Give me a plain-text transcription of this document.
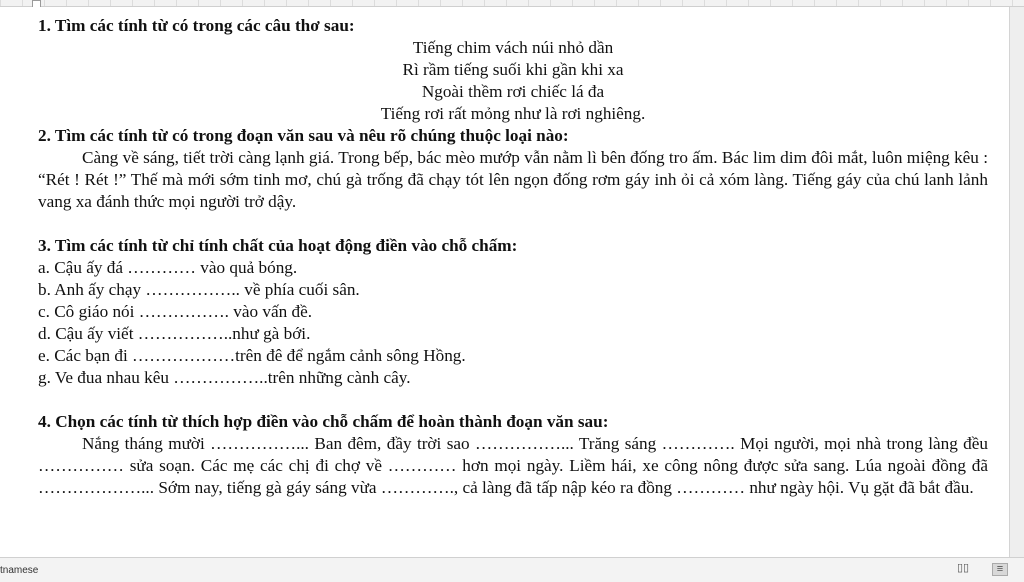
1. Tìm các tính từ có trong các câu thơ sau:

Tiếng chim vách núi nhỏ dần

Rì rầm tiếng suối khi gần khi xa

Ngoài thềm rơi chiếc lá đa

Tiếng rơi rất mỏng như là rơi nghiêng.

2. Tìm các tính từ có trong đoạn văn sau và nêu rõ chúng thuộc loại nào:

Càng về sáng, tiết trời càng lạnh giá. Trong bếp, bác mèo mướp vẫn nằm lì bên đống tro ấm. Bác lim dim đôi mắt, luôn miệng kêu : “Rét ! Rét !” Thế mà mới sớm tinh mơ, chú gà trống đã chạy tót lên ngọn đống rơm gáy inh ỏi cả xóm làng. Tiếng gáy của chú lanh lảnh vang xa đánh thức mọi người trở dậy.

3. Tìm các tính từ chỉ tính chất của hoạt động điền vào chỗ chấm:

a. Cậu ấy đá ………… vào quả bóng.

b. Anh ấy chạy …………….. về phía cuối sân.

c. Cô giáo nói ……………. vào vấn đề.

d. Cậu ấy viết ……………..như gà bới.

e. Các bạn đi ………………trên đê để ngắm cảnh sông Hồng.

g. Ve đua nhau kêu ……………..trên những cành cây.

4. Chọn các tính từ thích hợp điền vào chỗ chấm để hoàn thành đoạn văn sau:

Nắng tháng mười ……………... Ban đêm, đầy trời sao ……………... Trăng sáng …………. Mọi người, mọi nhà trong làng đều …………… sửa soạn. Các mẹ các chị đi chợ về ………… hơn mọi ngày. Liềm hái, xe công nông được sửa sang. Lúa ngoài đồng đã ………………... Sớm nay, tiếng gà gáy sáng vừa …………., cả làng đã tấp nập kéo ra đồng ………… như ngày hội. Vụ gặt đã bắt đầu.

tnamese	▯▯	≡
